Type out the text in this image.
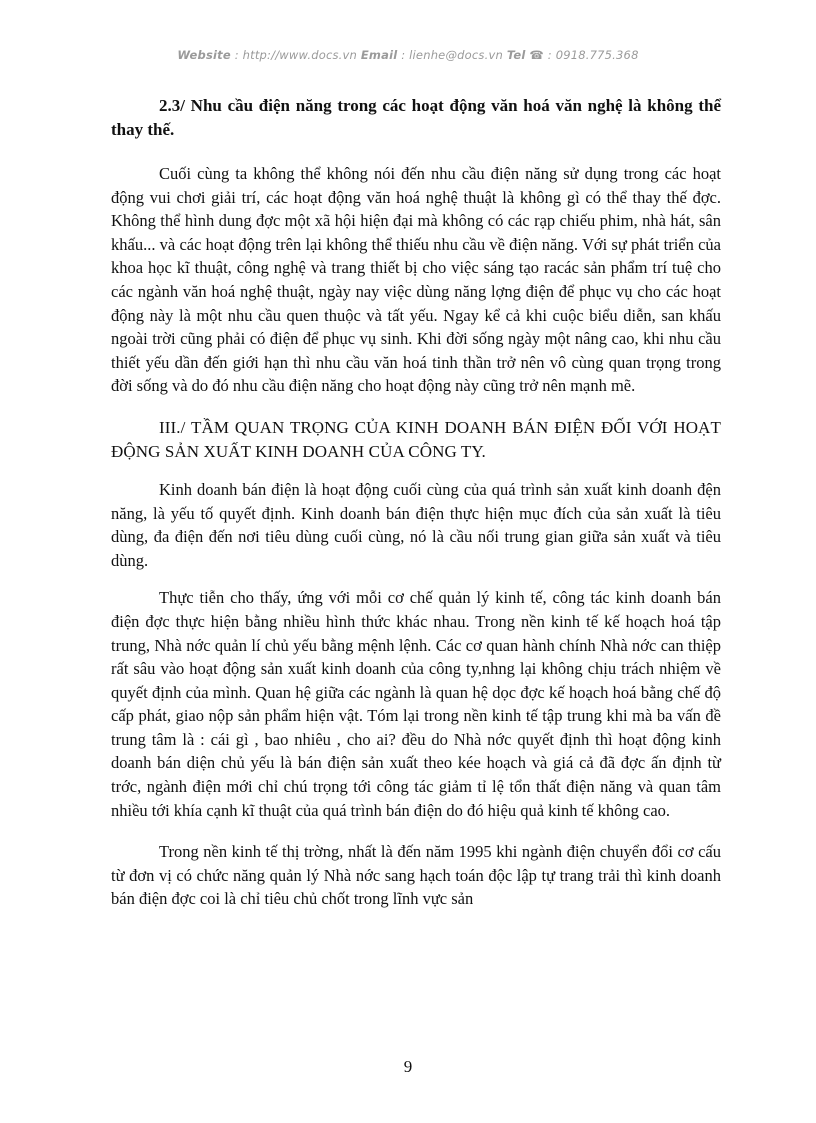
Website : http://www.docs.vn Email : lienhe@docs.vn Tel ☎ : 0918.775.368

2.3/ Nhu cầu điện năng trong các hoạt động văn hoá văn nghệ là không thể thay thế.

Cuối cùng ta không thể không nói đến nhu cầu điện năng sử dụng trong các hoạt động vui chơi giải trí, các hoạt động văn hoá nghệ thuật là không gì có thể thay thế đợc. Không thể hình dung đợc một xã hội hiện đại mà không có các rạp chiếu phim, nhà hát, sân khấu... và các hoạt động trên lại không thể thiếu nhu cầu về điện năng. Với sự phát triển của khoa học kĩ thuật, công nghệ và trang thiết bị cho việc sáng tạo racác sản phẩm trí tuệ cho các ngành văn hoá nghệ thuật, ngày nay việc dùng năng lợng điện để phục vụ cho các hoạt động này là một nhu cầu quen thuộc và tất yếu. Ngay kể cả khi cuộc biểu diễn, san khấu ngoài trời cũng phải có điện để phục vụ sinh. Khi đời sống ngày một nâng cao, khi nhu cầu thiết yếu dần đến giới hạn thì nhu cầu văn hoá tinh thần trở nên vô cùng quan trọng trong đời sống và do đó nhu cầu điện năng cho hoạt động này cũng trở nên mạnh mẽ.

III./ TẦM QUAN TRỌNG CỦA KINH DOANH BÁN ĐIỆN ĐỐI VỚI HOẠT ĐỘNG SẢN XUẤT KINH DOANH CỦA CÔNG TY.

Kinh doanh bán điện là hoạt động cuối cùng của quá trình sản xuất kinh doanh đện năng, là yếu tố quyết định. Kinh doanh bán điện thực hiện mục đích của sản xuất là tiêu dùng, đa điện đến nơi tiêu dùng cuối cùng, nó là cầu nối trung gian giữa sản xuất và tiêu dùng.

Thực tiễn cho thấy, ứng với mỗi cơ chế quản lý kinh tế, công tác kinh doanh bán điện đợc thực hiện bằng nhiều hình thức khác nhau. Trong nền kinh tế kế hoạch hoá tập trung, Nhà nớc quản lí chủ yếu bằng mệnh lệnh. Các cơ quan hành chính Nhà nớc can thiệp rất sâu vào hoạt động sản xuất kinh doanh của công ty,nhng lại không chịu trách nhiệm về quyết định của mình. Quan hệ giữa các ngành là quan hệ dọc đợc kế hoạch hoá bằng chế độ cấp phát, giao nộp sản phẩm hiện vật. Tóm lại trong nền kinh tế tập trung khi mà ba vấn đề trung tâm là : cái gì , bao nhiêu , cho ai? đều do Nhà nớc quyết định thì hoạt động kinh doanh bán diện chủ yếu là bán điện sản xuất theo kée hoạch và giá cả đã đợc ấn định từ trớc, ngành điện mới chỉ chú trọng tới công tác giảm tỉ lệ tổn thất điện năng và quan tâm nhiều tới khía cạnh kĩ thuật của quá trình bán điện do đó hiệu quả kinh tế không cao.

Trong nền kinh tế thị trờng, nhất là đến năm 1995 khi ngành điện chuyển đổi cơ cấu từ đơn vị có chức năng quản lý Nhà nớc sang hạch toán độc lập tự trang trải thì kinh doanh bán điện đợc coi là chỉ tiêu chủ chốt trong lĩnh vực sản

9
